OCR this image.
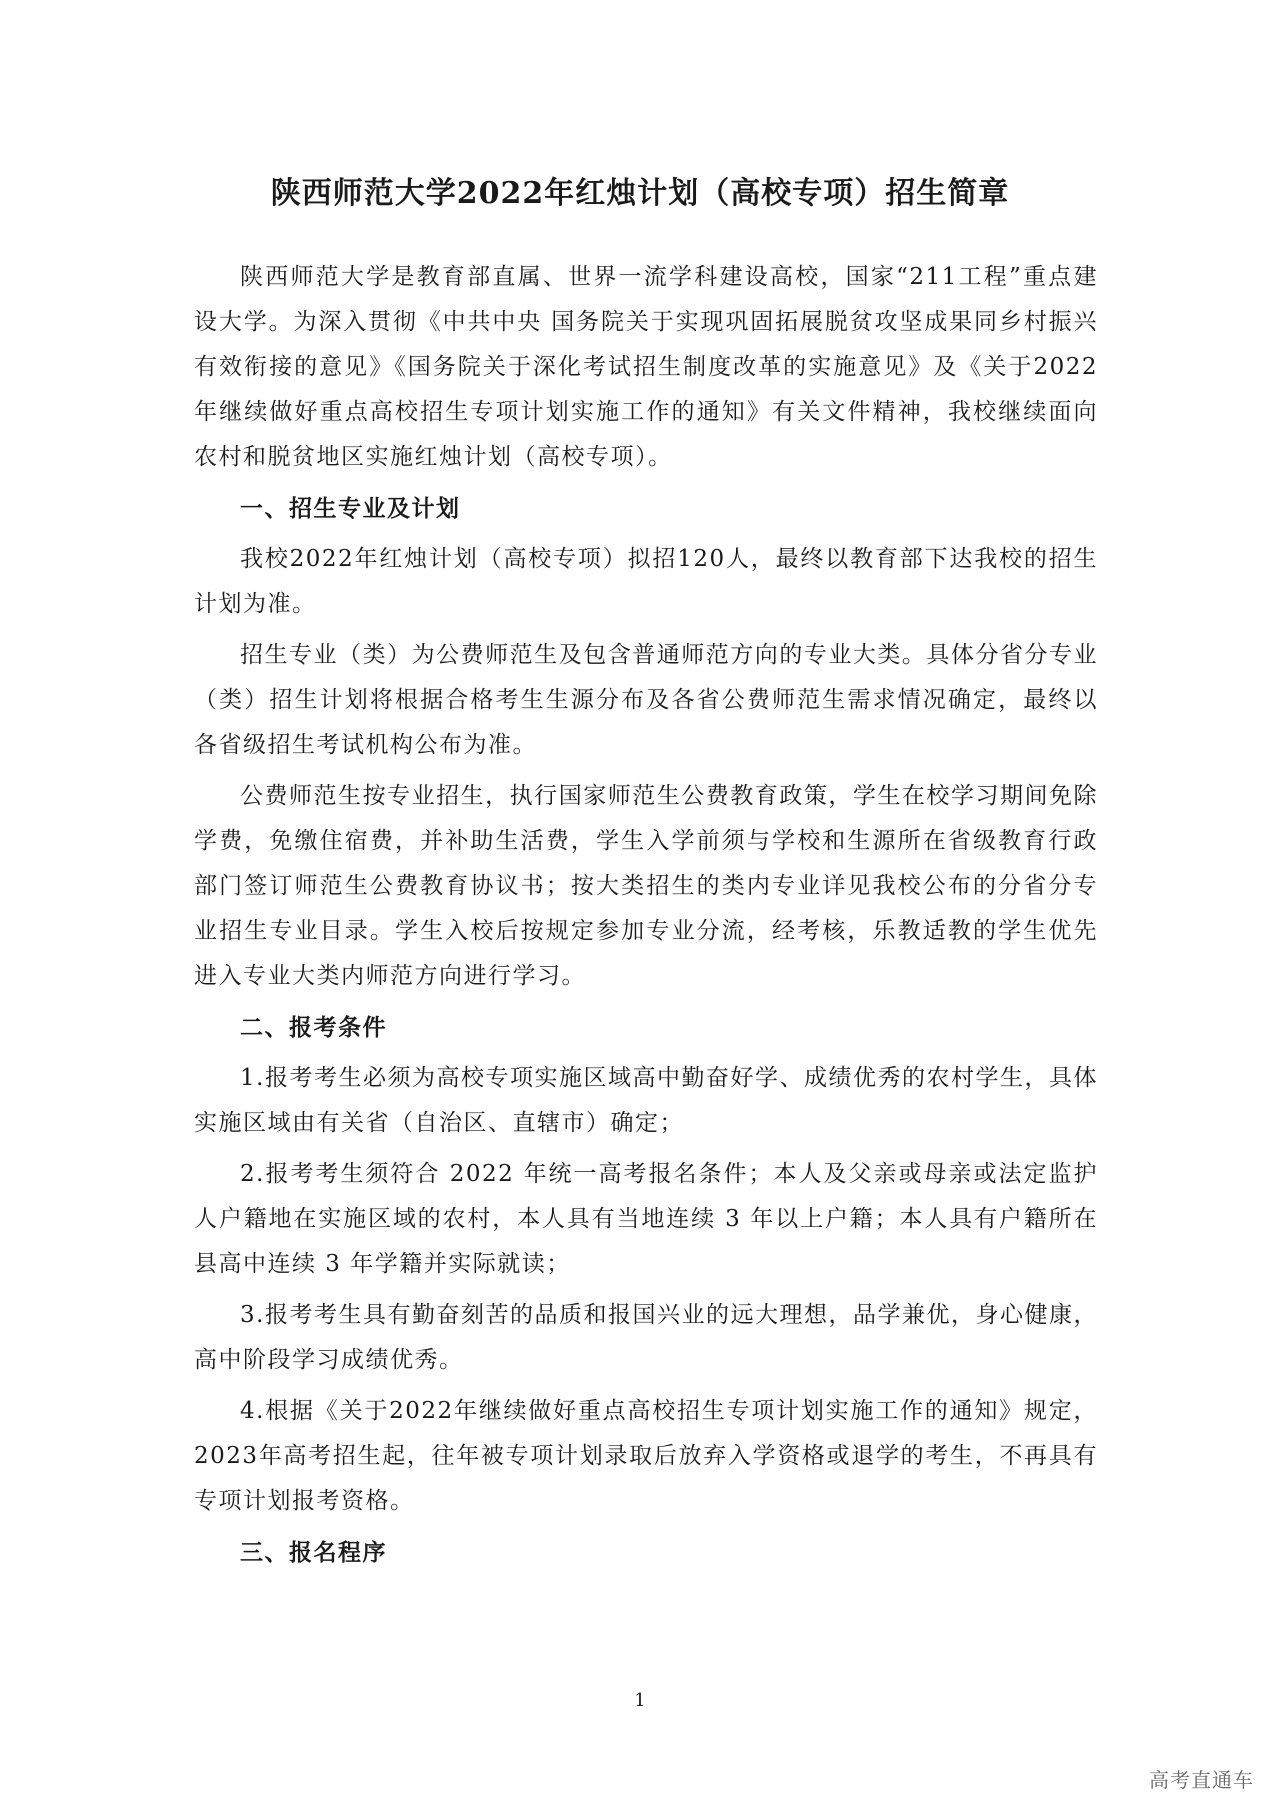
陕西师范大学2022年红烛计划（高校专项）招生简章

陕西师范大学是教育部直属、世界一流学科建设高校，国家“211工程”重点建设大学。为深入贯彻《中共中央 国务院关于实现巩固拓展脱贫攻坚成果同乡村振兴有效衔接的意见》《国务院关于深化考试招生制度改革的实施意见》及《关于2022年继续做好重点高校招生专项计划实施工作的通知》有关文件精神，我校继续面向农村和脱贫地区实施红烛计划（高校专项）。

一、招生专业及计划

我校2022年红烛计划（高校专项）拟招120人，最终以教育部下达我校的招生计划为准。

招生专业（类）为公费师范生及包含普通师范方向的专业大类。具体分省分专业（类）招生计划将根据合格考生生源分布及各省公费师范生需求情况确定，最终以各省级招生考试机构公布为准。

公费师范生按专业招生，执行国家师范生公费教育政策，学生在校学习期间免除学费，免缴住宿费，并补助生活费，学生入学前须与学校和生源所在省级教育行政部门签订师范生公费教育协议书；按大类招生的类内专业详见我校公布的分省分专业招生专业目录。学生入校后按规定参加专业分流，经考核，乐教适教的学生优先进入专业大类内师范方向进行学习。

二、报考条件

1.报考考生必须为高校专项实施区域高中勤奋好学、成绩优秀的农村学生，具体实施区域由有关省（自治区、直辖市）确定；

2.报考考生须符合 2022 年统一高考报名条件；本人及父亲或母亲或法定监护人户籍地在实施区域的农村，本人具有当地连续 3 年以上户籍；本人具有户籍所在县高中连续 3 年学籍并实际就读；

3.报考考生具有勤奋刻苦的品质和报国兴业的远大理想，品学兼优，身心健康，高中阶段学习成绩优秀。

4.根据《关于2022年继续做好重点高校招生专项计划实施工作的通知》规定，2023年高考招生起，往年被专项计划录取后放弃入学资格或退学的考生，不再具有专项计划报考资格。

三、报名程序

1

高考直通车
